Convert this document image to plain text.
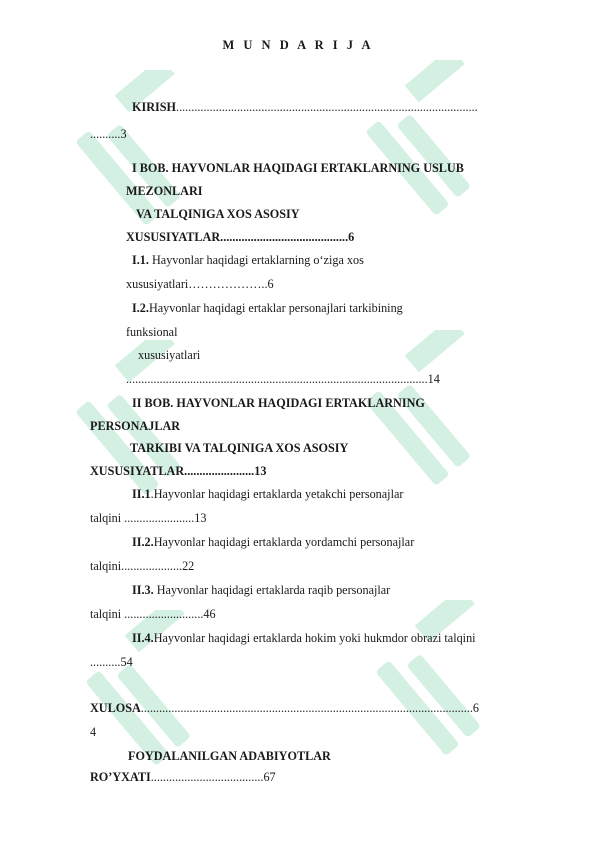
M U N D A R I J A
KIRISH...................................................................................................
..........3
I BOB. HAYVONLAR HAQIDAGI ERTAKLARNING USLUB
MEZONLARI
VA TALQINIGA XOS ASOSIY
XUSUSIYATLAR..........................................6
I.1. Hayvonlar haqidagi ertaklarning o‘ziga xos
xususiyatlari………………..6
I.2.Hayvonlar haqidagi ertaklar personajlari tarkibining
funksional
xususiyatlari
...................................................................................................14
II BOB. HAYVONLAR HAQIDAGI ERTAKLARNING
PERSONAJLAR
TARKIBI VA TALQINIGA XOS ASOSIY
XUSUSIYATLAR.......................13
II.1.Hayvonlar haqidagi ertaklarda yetakchi personajlar
talqini .......................13
II.2.Hayvonlar haqidagi ertaklarda yordamchi personajlar
talqini....................22
II.3. Hayvonlar haqidagi ertaklarda raqib personajlar
talqini ..........................46
II.4.Hayvonlar haqidagi ertaklarda hokim yoki hukmdor obrazi talqini
..........54
XULOSA.............................................................................................................6
4
FOYDALANILGAN ADABIYOTLAR
RO’YXATI.....................................67
